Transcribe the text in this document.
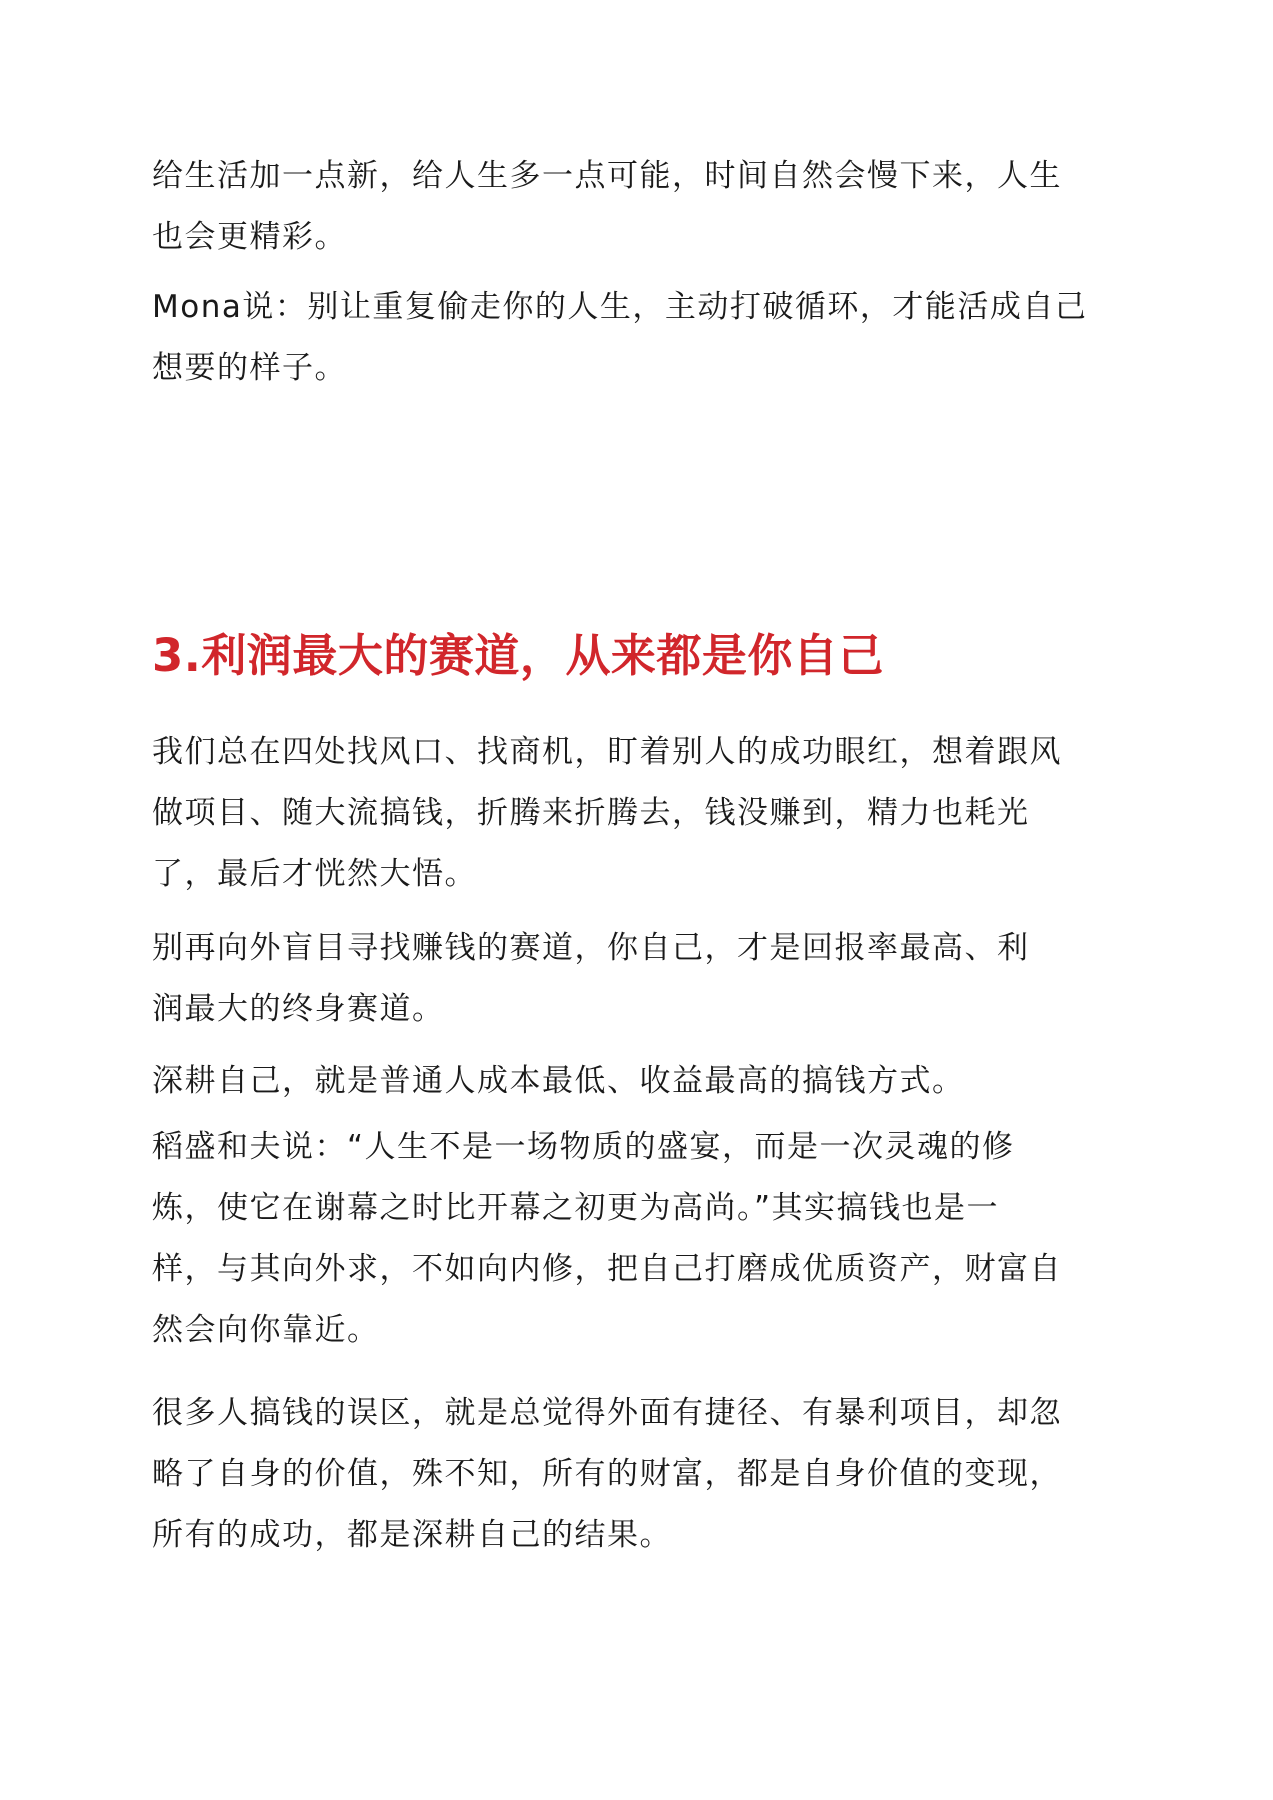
给生活加一点新，给人生多一点可能，时间自然会慢下来，人生
也会更精彩。

Mona说：别让重复偷走你的人生，主动打破循环，才能活成自己
想要的样子。

3.利润最大的赛道，从来都是你自己

我们总在四处找风口、找商机，盯着别人的成功眼红，想着跟风
做项目、随大流搞钱，折腾来折腾去，钱没赚到，精力也耗光
了，最后才恍然大悟。

别再向外盲目寻找赚钱的赛道，你自己，才是回报率最高、利
润最大的终身赛道。

深耕自己，就是普通人成本最低、收益最高的搞钱方式。

稻盛和夫说：“人生不是一场物质的盛宴，而是一次灵魂的修
炼，使它在谢幕之时比开幕之初更为高尚。”其实搞钱也是一
样，与其向外求，不如向内修，把自己打磨成优质资产，财富自
然会向你靠近。

很多人搞钱的误区，就是总觉得外面有捷径、有暴利项目，却忽
略了自身的价值，殊不知，所有的财富，都是自身价值的变现，
所有的成功，都是深耕自己的结果。
